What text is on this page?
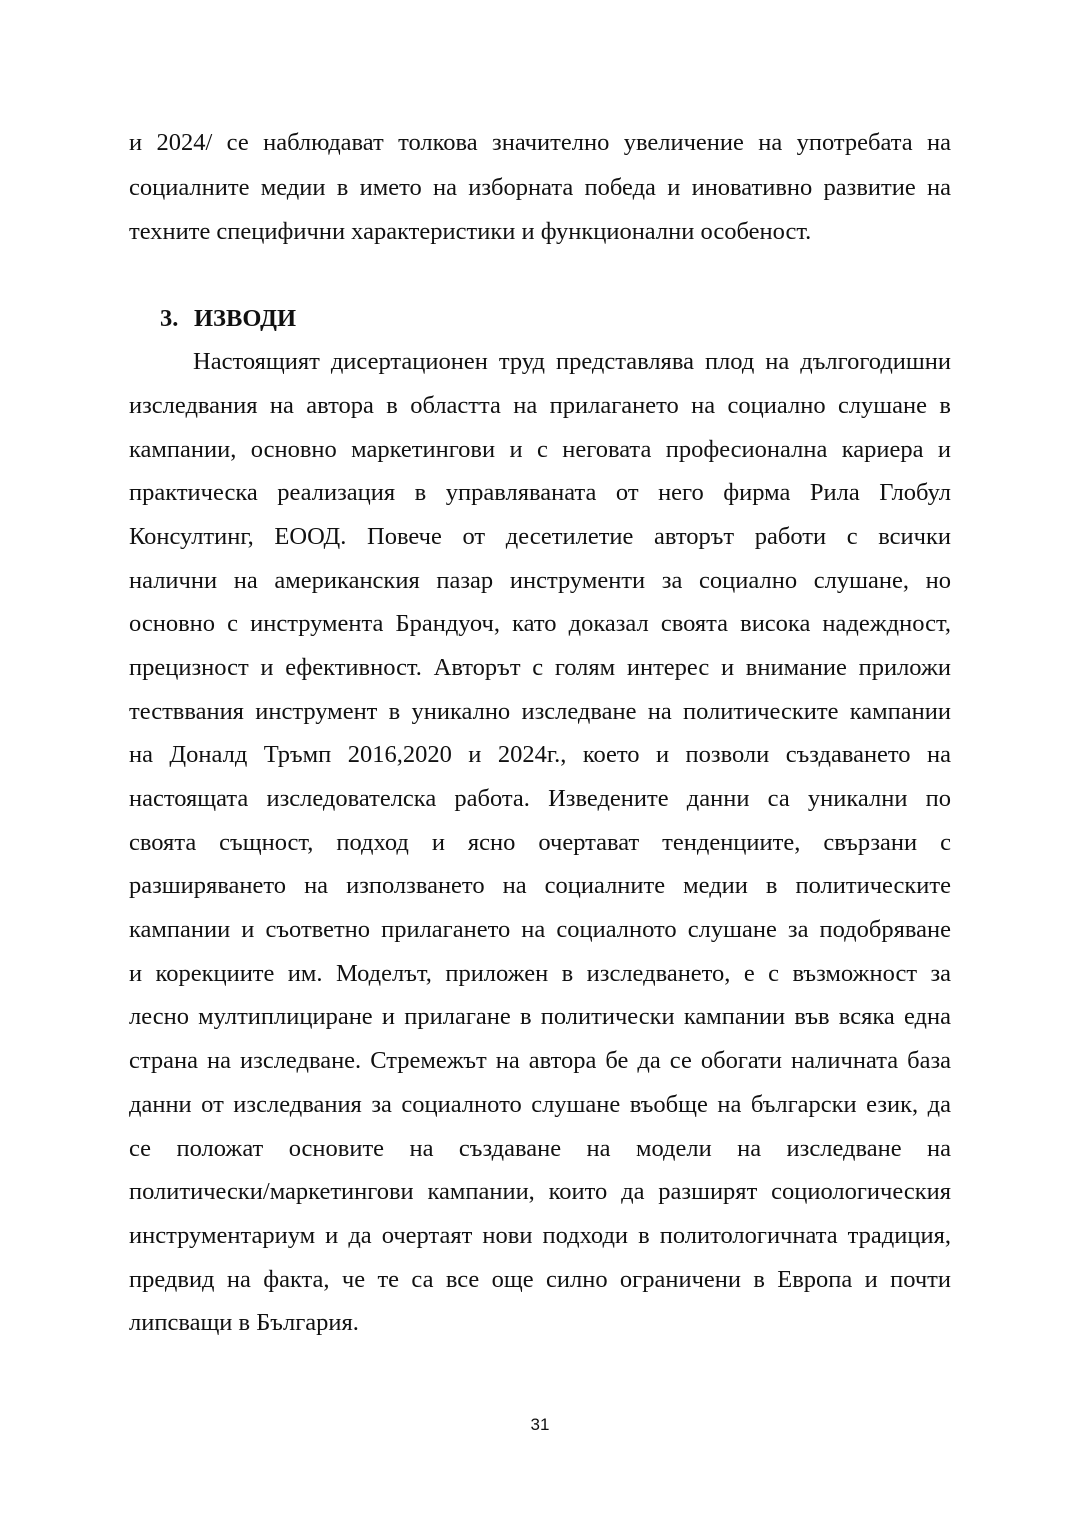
и 2024/ се наблюдават толкова значително увеличение на употребата на
социалните медии в името на изборната победа и иновативно развитие на
техните специфични характеристики и функционални особеност.
3. ИЗВОДИ
Настоящият дисертационен труд представлява плод на дългогодишни
изследвания на автора в областта на прилагането на социално слушане в
кампании, основно маркетингови и с неговата професионална кариера и
практическа реализация в управляваната от него фирма Рила Глобул
Консултинг, ЕООД. Повече от десетилетие авторът работи с всички
налични на американския пазар инструменти за социално слушане, но
основно с инструмента Брандуоч, като доказал своята висока надеждност,
прецизност и ефективност. Авторът с голям интерес и внимание приложи
тестввания инструмент в уникално изследване на политическите кампании
на Доналд Тръмп 2016,2020 и 2024г., което и позволи създаването на
настоящата изследователска работа. Изведените данни са уникални по
своята същност, подход и ясно очертават тенденциите, свързани с
разширяването на използването на социалните медии в политическите
кампании и съответно прилагането на социалното слушане за подобряване
и корекциите им. Моделът, приложен в изследването, е с възможност за
лесно мултиплициране и прилагане в политически кампании във всяка една
страна на изследване. Стремежът на автора бе да се обогати наличната база
данни от изследвания за социалното слушане въобще на български език, да
се положат основите на създаване на модели на изследване на
политически/маркетингови кампании, които да разширят социологическия
инструментариум и да очертаят нови подходи в политологичната традиция,
предвид на факта, че те са все още силно ограничени в Европа и почти
липсващи в България.
31
